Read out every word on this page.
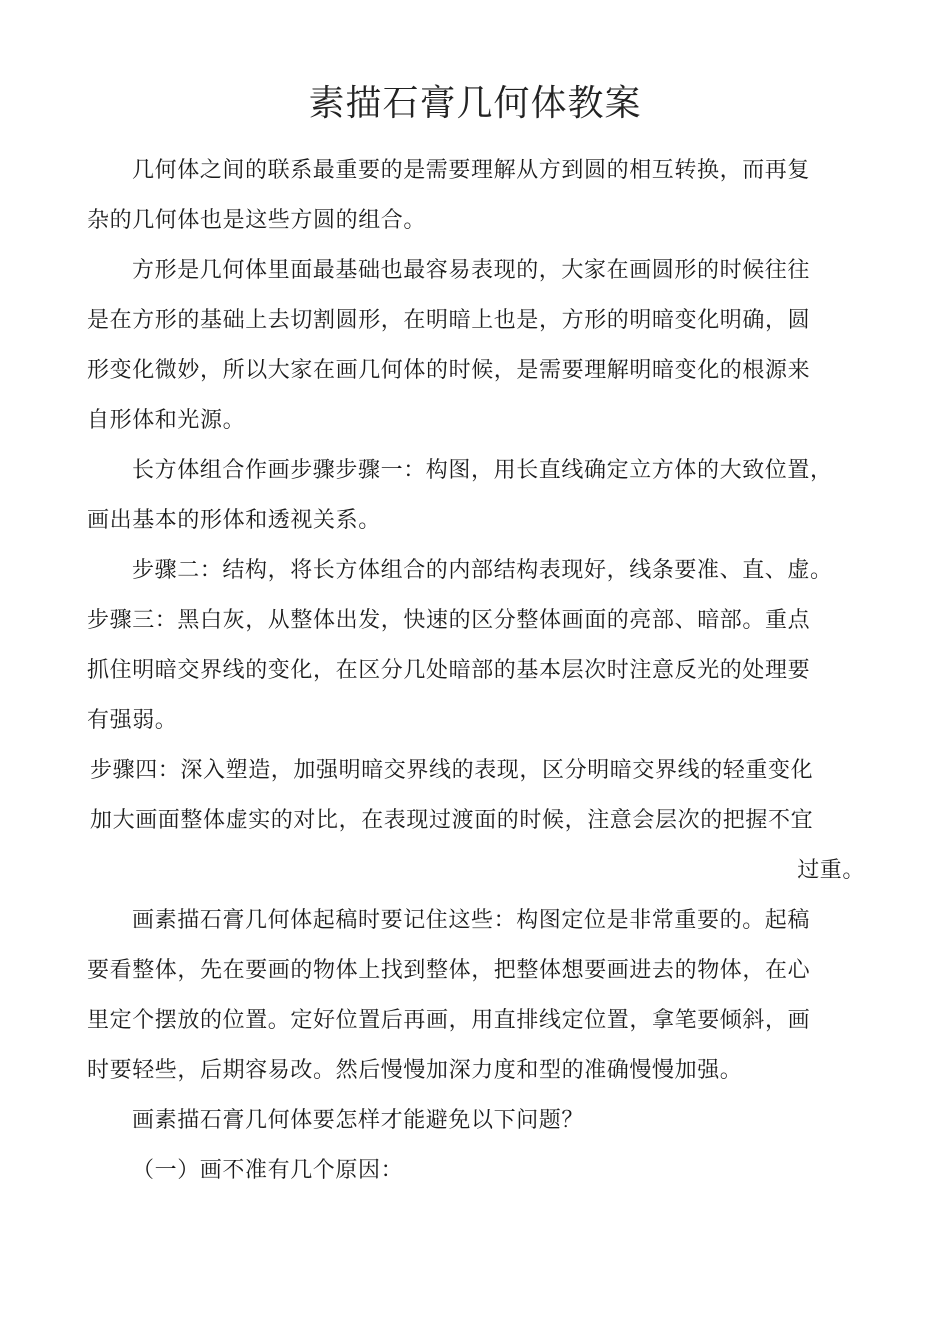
素描石膏几何体教案
几何体之间的联系最重要的是需要理解从方到圆的相互转换，而再复
杂的几何体也是这些方圆的组合。
方形是几何体里面最基础也最容易表现的，大家在画圆形的时候往往
是在方形的基础上去切割圆形，在明暗上也是，方形的明暗变化明确，圆
形变化微妙，所以大家在画几何体的时候，是需要理解明暗变化的根源来
自形体和光源。
长方体组合作画步骤步骤一：构图，用长直线确定立方体的大致位置，
画出基本的形体和透视关系。
步骤二：结构，将长方体组合的内部结构表现好，线条要准、直、虚。
步骤三：黑白灰，从整体出发，快速的区分整体画面的亮部、暗部。重点
抓住明暗交界线的变化，在区分几处暗部的基本层次时注意反光的处理要
有强弱。
步骤四：深入塑造，加强明暗交界线的表现，区分明暗交界线的轻重变化
加大画面整体虚实的对比，在表现过渡面的时候，注意会层次的把握不宜
过重。
画素描石膏几何体起稿时要记住这些：构图定位是非常重要的。起稿
要看整体，先在要画的物体上找到整体，把整体想要画进去的物体，在心
里定个摆放的位置。定好位置后再画，用直排线定位置，拿笔要倾斜，画
时要轻些，后期容易改。然后慢慢加深力度和型的准确慢慢加强。
画素描石膏几何体要怎样才能避免以下问题？
（一）画不准有几个原因：
